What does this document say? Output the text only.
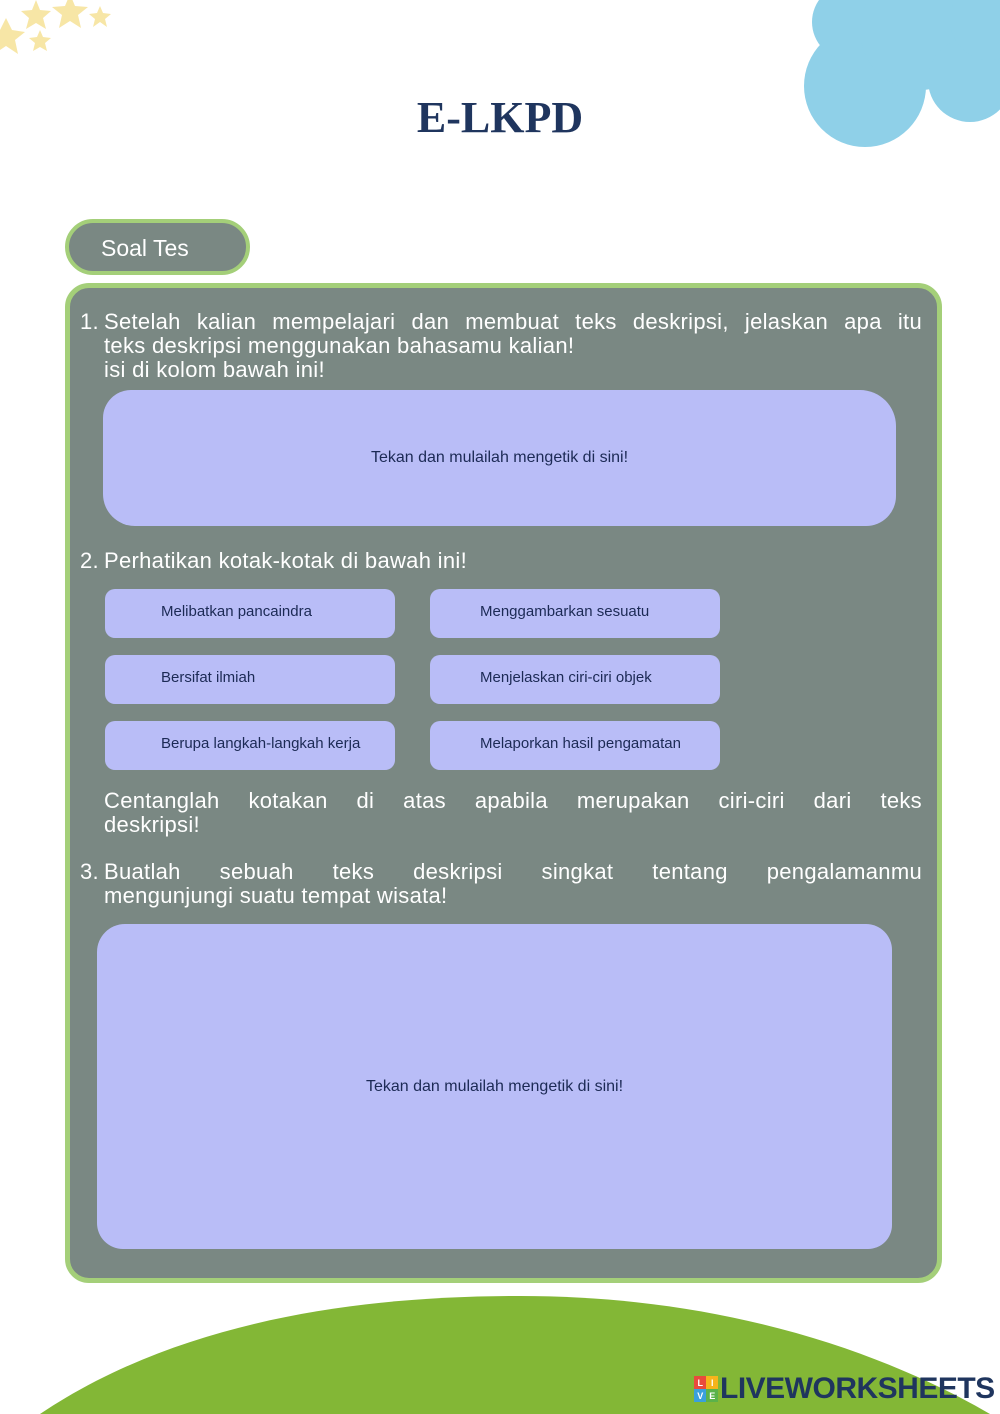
E-LKPD
Soal Tes
1. Setelah kalian mempelajari dan membuat teks deskripsi, jelaskan apa itu
teks deskripsi menggunakan bahasamu kalian!
isi di kolom bawah ini!
Tekan dan mulailah mengetik di sini!
2. Perhatikan kotak-kotak di bawah ini!
Melibatkan pancaindra	Menggambarkan sesuatu
Bersifat ilmiah	Menjelaskan ciri-ciri objek
Berupa langkah-langkah kerja	Melaporkan hasil pengamatan
Centanglah kotakan di atas apabila merupakan ciri-ciri dari teks
deskripsi!
3. Buatlah sebuah teks deskripsi singkat tentang pengalamanmu
mengunjungi suatu tempat wisata!
Tekan dan mulailah mengetik di sini!
L I
V E LIVEWORKSHEETS
